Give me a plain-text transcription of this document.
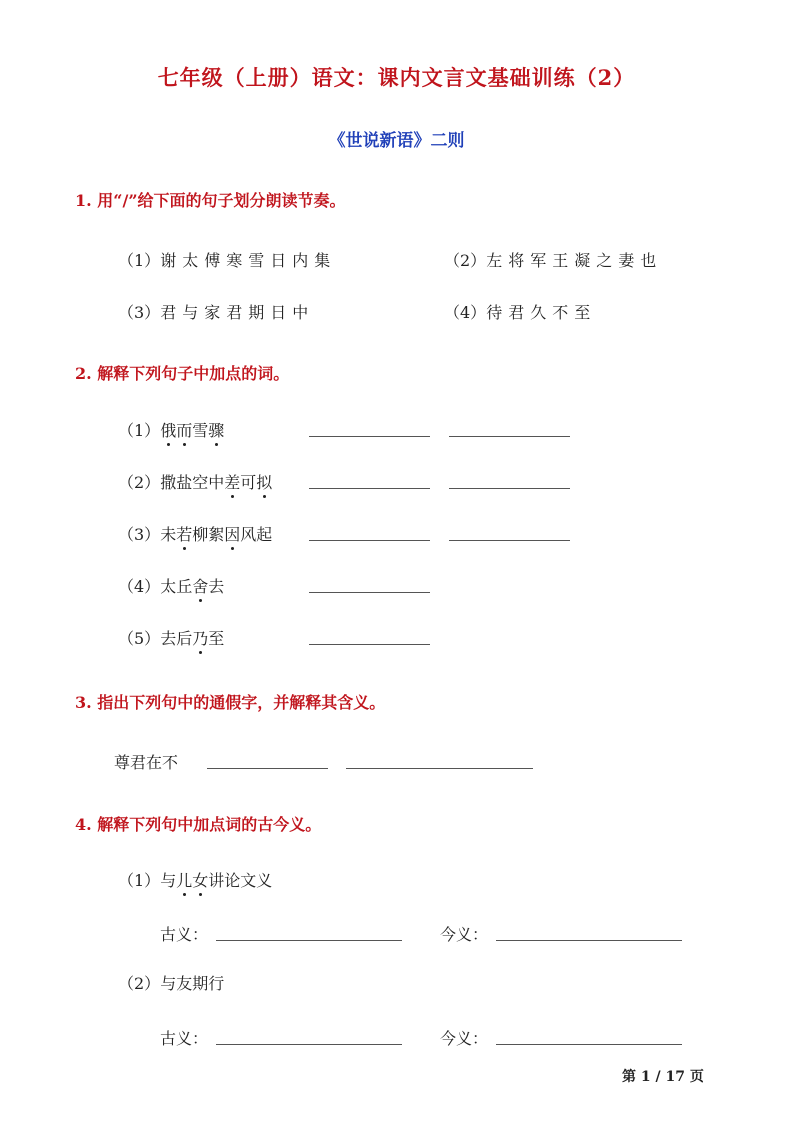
七年级（上册）语文：课内文言文基础训练（2）
《世说新语》二则
1. 用“/”给下面的句子划分朗读节奏。
（1）谢太傅寒雪日内集	（2）左将军王凝之妻也
（3）君与家君期日中	（4）待君久不至
2. 解释下列句子中加点的词。
（1）俄而雪骤
（2）撒盐空中差可拟
（3）未若柳絮因风起
（4）太丘舍去
（5）去后乃至
3. 指出下列句中的通假字，并解释其含义。
尊君在不
4. 解释下列句中加点词的古今义。
（1）与儿女讲论文义
古义：	今义：
（2）与友期行
古义：	今义：
第 1 / 17 页
